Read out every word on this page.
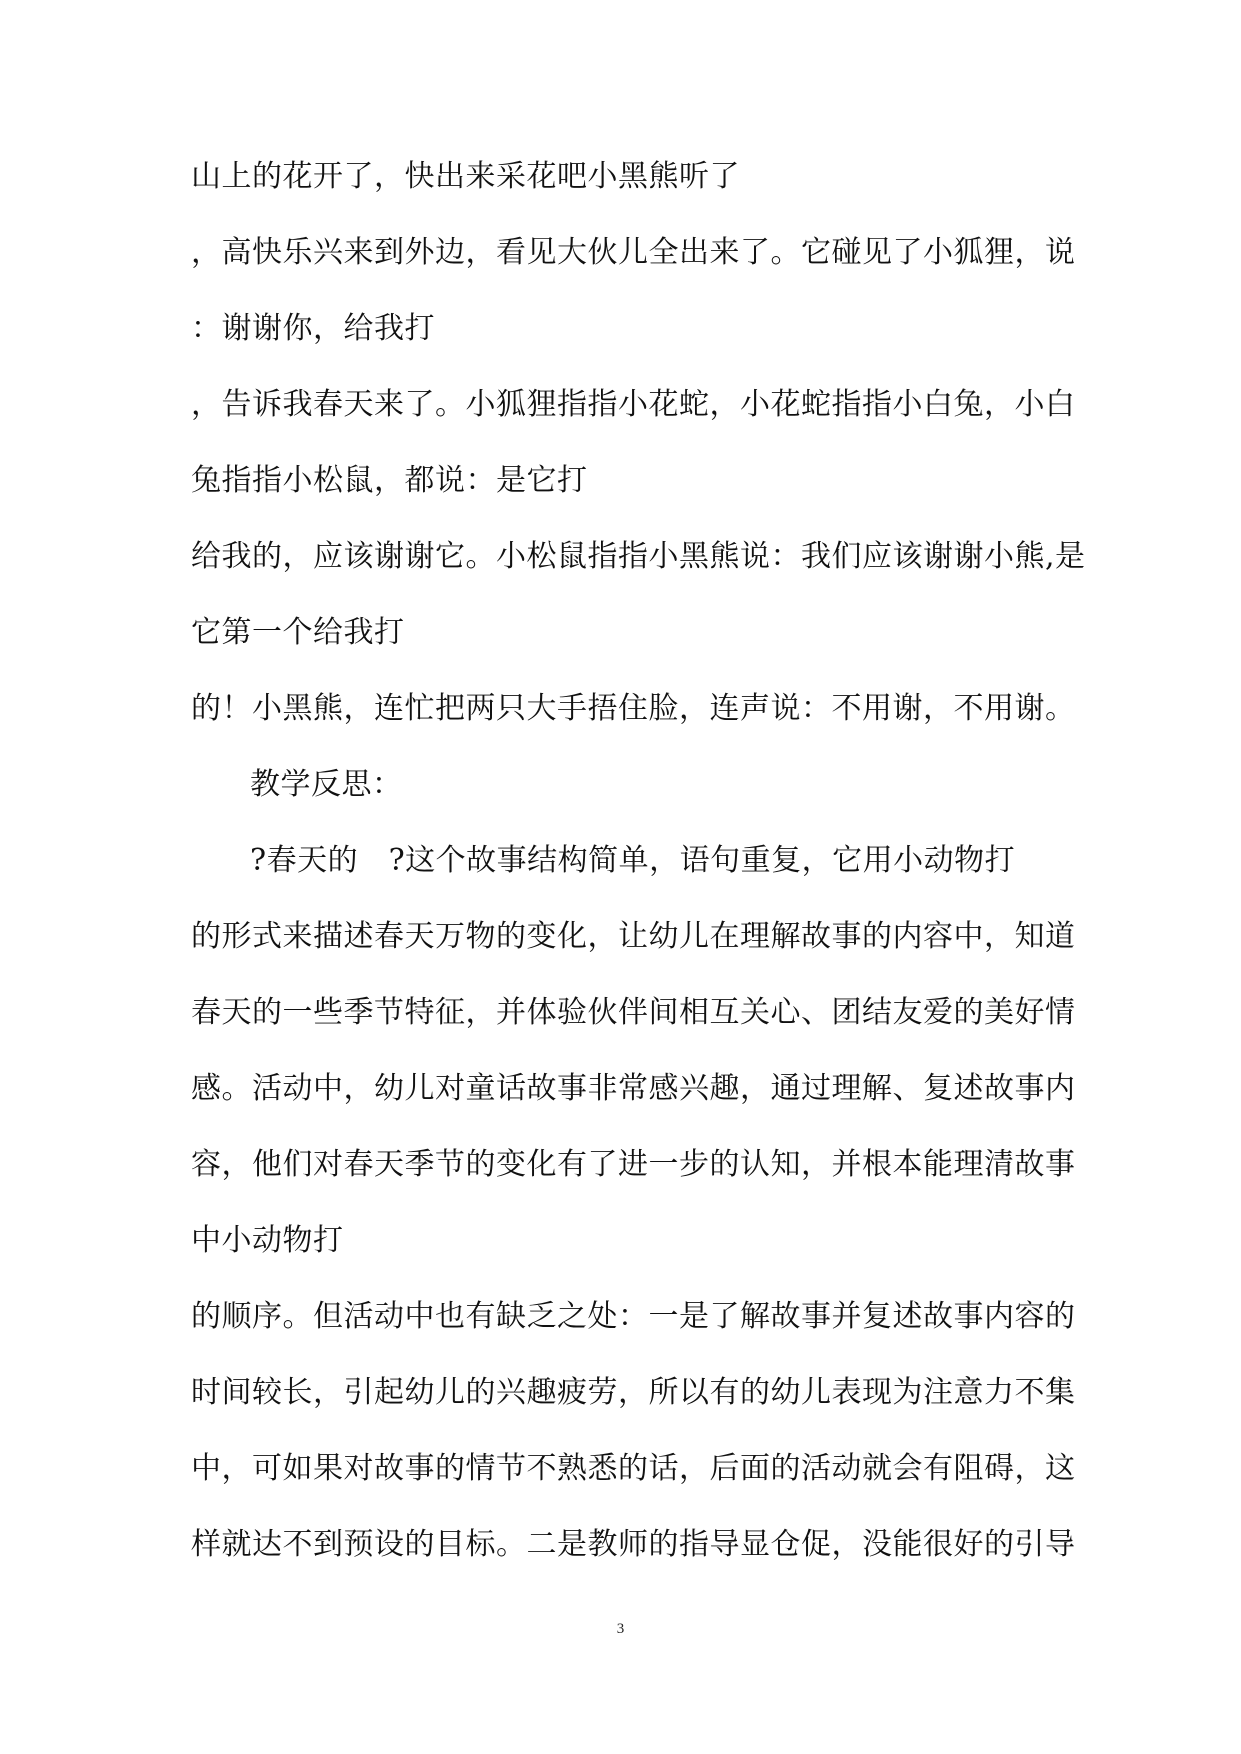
山上的花开了，快出来采花吧小黑熊听了
，高快乐兴来到外边，看见大伙儿全出来了。它碰见了小狐狸，说
：谢谢你，给我打
，告诉我春天来了。小狐狸指指小花蛇，小花蛇指指小白兔，小白
兔指指小松鼠，都说：是它打
给我的，应该谢谢它。小松鼠指指小黑熊说：我们应该谢谢小熊,是
它第一个给我打
的！小黑熊，连忙把两只大手捂住脸，连声说：不用谢，不用谢。
教学反思：
?春天的　?这个故事结构简单，语句重复，它用小动物打
的形式来描述春天万物的变化，让幼儿在理解故事的内容中，知道
春天的一些季节特征，并体验伙伴间相互关心、团结友爱的美好情
感。活动中，幼儿对童话故事非常感兴趣，通过理解、复述故事内
容，他们对春天季节的变化有了进一步的认知，并根本能理清故事
中小动物打
的顺序。但活动中也有缺乏之处：一是了解故事并复述故事内容的
时间较长，引起幼儿的兴趣疲劳，所以有的幼儿表现为注意力不集
中，可如果对故事的情节不熟悉的话，后面的活动就会有阻碍，这
样就达不到预设的目标。二是教师的指导显仓促，没能很好的引导
3
